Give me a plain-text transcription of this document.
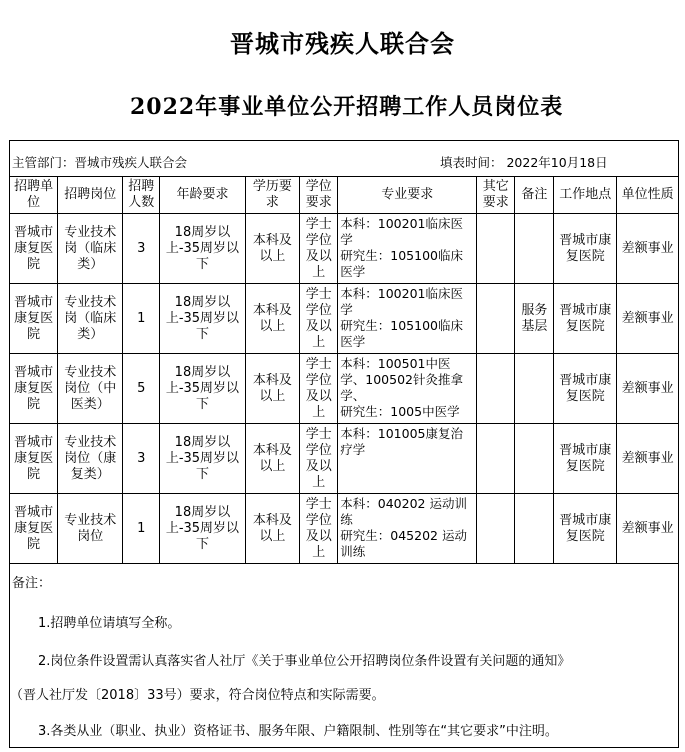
晋城市残疾人联合会
2022年事业单位公开招聘工作人员岗位表
主管部门：晋城市残疾人联合会	填表时间： 2022年10月18日
招聘单位	招聘岗位	招聘人数	年龄要求	学历要求	学位要求	专业要求	其它要求	备注	工作地点	单位性质
晋城市康复医院	专业技术岗（临床类）	3	18周岁以上-35周岁以下	本科及以上	学士学位及以上	本科：100201临床医学
研究生：105100临床医学			晋城市康复医院	差额事业
晋城市康复医院	专业技术岗（临床类）	1	18周岁以上-35周岁以下	本科及以上	学士学位及以上	本科：100201临床医学
研究生：105100临床医学		服务基层	晋城市康复医院	差额事业
晋城市康复医院	专业技术岗位（中医类）	5	18周岁以上-35周岁以下	本科及以上	学士学位及以上	本科：100501中医学、100502针灸推拿学、
研究生：1005中医学			晋城市康复医院	差额事业
晋城市康复医院	专业技术岗位（康复类）	3	18周岁以上-35周岁以下	本科及以上	学士学位及以上	本科：101005康复治疗学			晋城市康复医院	差额事业
晋城市康复医院	专业技术岗位	1	18周岁以上-35周岁以下	本科及以上	学士学位及以上	本科：040202 运动训练
研究生：045202 运动训练			晋城市康复医院	差额事业
备注：
1.招聘单位请填写全称。
2.岗位条件设置需认真落实省人社厅《关于事业单位公开招聘岗位条件设置有关问题的通知》
（晋人社厅发〔2018〕33号）要求，符合岗位特点和实际需要。
3.各类从业（职业、执业）资格证书、服务年限、户籍限制、性别等在“其它要求”中注明。
